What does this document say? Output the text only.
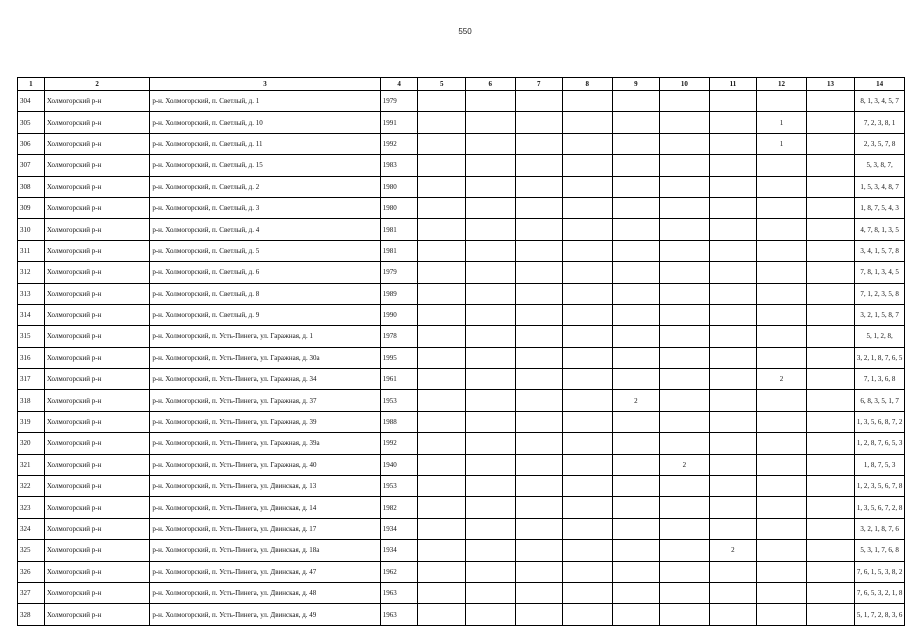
550
1	2	3	4	5	6	7	8	9	10	11	12	13	14
304	Холмогорский р-н	р-н. Холмогорский, п. Светлый, д. 1	1979										8, 1, 3, 4, 5, 7
305	Холмогорский р-н	р-н. Холмогорский, п. Светлый, д. 10	1991								1		7, 2, 3, 8, 1
306	Холмогорский р-н	р-н. Холмогорский, п. Светлый, д. 11	1992								1		2, 3, 5, 7, 8
307	Холмогорский р-н	р-н. Холмогорский, п. Светлый, д. 15	1983										5, 3, 8, 7,
308	Холмогорский р-н	р-н. Холмогорский, п. Светлый, д. 2	1980										1, 5, 3, 4, 8, 7
309	Холмогорский р-н	р-н. Холмогорский, п. Светлый, д. 3	1980										1, 8, 7, 5, 4, 3
310	Холмогорский р-н	р-н. Холмогорский, п. Светлый, д. 4	1981										4, 7, 8, 1, 3, 5
311	Холмогорский р-н	р-н. Холмогорский, п. Светлый, д. 5	1981										3, 4, 1, 5, 7, 8
312	Холмогорский р-н	р-н. Холмогорский, п. Светлый, д. 6	1979										7, 8, 1, 3, 4, 5
313	Холмогорский р-н	р-н. Холмогорский, п. Светлый, д. 8	1989										7, 1, 2, 3, 5, 8
314	Холмогорский р-н	р-н. Холмогорский, п. Светлый, д. 9	1990										3, 2, 1, 5, 8, 7
315	Холмогорский р-н	р-н. Холмогорский, п. Усть-Пинега, ул. Гаражная, д. 1	1978										5, 1, 2, 8,
316	Холмогорский р-н	р-н. Холмогорский, п. Усть-Пинега, ул. Гаражная, д. 30а	1995										3, 2, 1, 8, 7, 6, 5
317	Холмогорский р-н	р-н. Холмогорский, п. Усть-Пинега, ул. Гаражная, д. 34	1961								2		7, 1, 3, 6, 8
318	Холмогорский р-н	р-н. Холмогорский, п. Усть-Пинега, ул. Гаражная, д. 37	1953					2					6, 8, 3, 5, 1, 7
319	Холмогорский р-н	р-н. Холмогорский, п. Усть-Пинега, ул. Гаражная, д. 39	1988										1, 3, 5, 6, 8, 7, 2
320	Холмогорский р-н	р-н. Холмогорский, п. Усть-Пинега, ул. Гаражная, д. 39а	1992										1, 2, 8, 7, 6, 5, 3
321	Холмогорский р-н	р-н. Холмогорский, п. Усть-Пинега, ул. Гаражная, д. 40	1940						2				1, 8, 7, 5, 3
322	Холмогорский р-н	р-н. Холмогорский, п. Усть-Пинега, ул. Двинская, д. 13	1953										1, 2, 3, 5, 6, 7, 8
323	Холмогорский р-н	р-н. Холмогорский, п. Усть-Пинега, ул. Двинская, д. 14	1982										1, 3, 5, 6, 7, 2, 8
324	Холмогорский р-н	р-н. Холмогорский, п. Усть-Пинега, ул. Двинская, д. 17	1934										3, 2, 1, 8, 7, 6
325	Холмогорский р-н	р-н. Холмогорский, п. Усть-Пинега, ул. Двинская, д. 18а	1934							2			5, 3, 1, 7, 6, 8
326	Холмогорский р-н	р-н. Холмогорский, п. Усть-Пинега, ул. Двинская, д. 47	1962										7, 6, 1, 5, 3, 8, 2
327	Холмогорский р-н	р-н. Холмогорский, п. Усть-Пинега, ул. Двинская, д. 48	1963										7, 6, 5, 3, 2, 1, 8
328	Холмогорский р-н	р-н. Холмогорский, п. Усть-Пинега, ул. Двинская, д. 49	1963										5, 1, 7, 2, 8, 3, 6
